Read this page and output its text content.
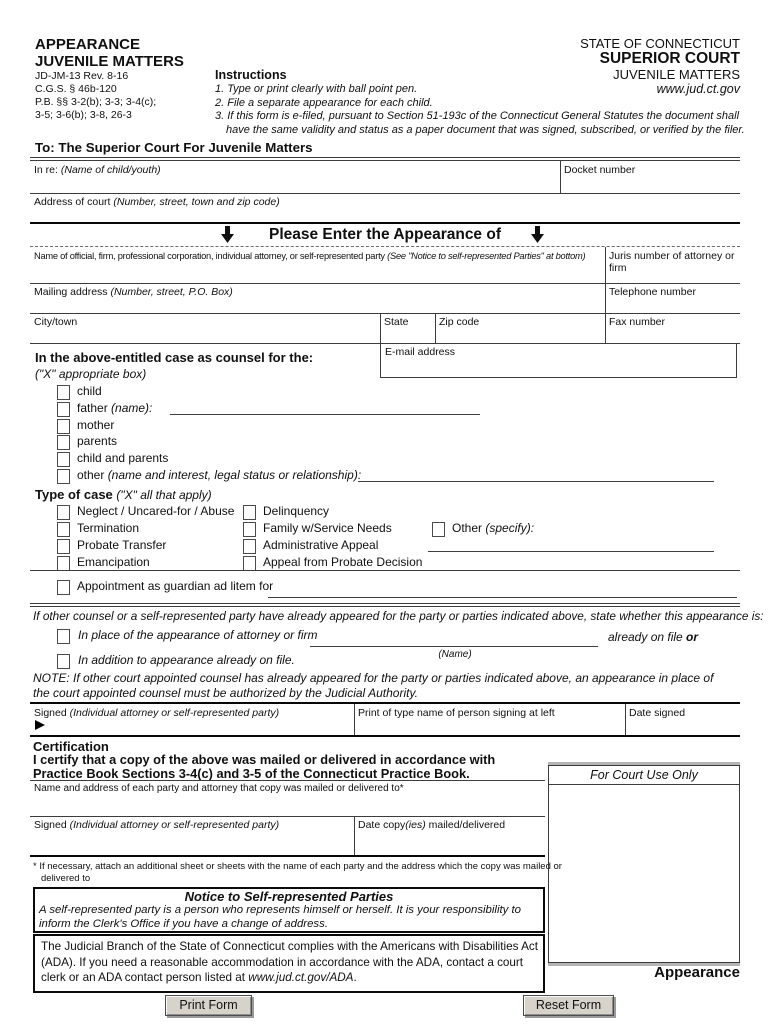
APPEARANCE
JUVENILE MATTERS
JD-JM-13 Rev. 8-16
C.G.S. § 46b-120
P.B. §§ 3-2(b); 3-3; 3-4(c);
3-5; 3-6(b); 3-8, 26-3
Instructions
1. Type or print clearly with ball point pen.
2. File a separate appearance for each child.
3. If this form is e-filed, pursuant to Section 51-193c of the Connecticut General Statutes the document shall
have the same validity and status as a paper document that was signed, subscribed, or verified by the filer.
STATE OF CONNECTICUT
SUPERIOR COURT
JUVENILE MATTERS
www.jud.ct.gov
To: The Superior Court For Juvenile Matters
In re: (Name of child/youth)	Docket number
Address of court (Number, street, town and zip code)
Please Enter the Appearance of
Name of official, firm, professional corporation, individual attorney, or self-represented party (See "Notice to self-represented Parties" at bottom)	Juris number of attorney or firm
Mailing address (Number, street, P.O. Box)	Telephone number
City/town	State	Zip code	Fax number
E-mail address
In the above-entitled case as counsel for the:
("X" appropriate box)
child
father (name):
mother
parents
child and parents
other (name and interest, legal status or relationship):
Type of case ("X" all that apply)
Neglect / Uncared-for / Abuse
Termination
Probate Transfer
Emancipation
Delinquency
Family w/Service Needs
Administrative Appeal
Appeal from Probate Decision
Other (specify):
Appointment as guardian ad litem for
If other counsel or a self-represented party have already appeared for the party or parties indicated above, state whether this appearance is:
In place of the appearance of attorney or firm
(Name)
already on file or
In addition to appearance already on file.
NOTE: If other court appointed counsel has already appeared for the party or parties indicated above, an appearance in place of
the court appointed counsel must be authorized by the Judicial Authority.
Signed (Individual attorney or self-represented party)	Print of type name of person signing at left	Date signed
Certification
I certify that a copy of the above was mailed or delivered in accordance with
Practice Book Sections 3-4(c) and 3-5 of the Connecticut Practice Book.	For Court Use Only
Name and address of each party and attorney that copy was mailed or delivered to*
Signed (Individual attorney or self-represented party)	Date copy(ies) mailed/delivered
* If necessary, attach an additional sheet or sheets with the name of each party and the address which the copy was mailed or
delivered to
Notice to Self-represented Parties
A self-represented party is a person who represents himself or herself. It is your responsibility to
inform the Clerk's Office if you have a change of address.
The Judicial Branch of the State of Connecticut complies with the Americans with Disabilities Act
(ADA). If you need a reasonable accommodation in accordance with the ADA, contact a court
clerk or an ADA contact person listed at www.jud.ct.gov/ADA.	Appearance
Print Form	Reset Form
